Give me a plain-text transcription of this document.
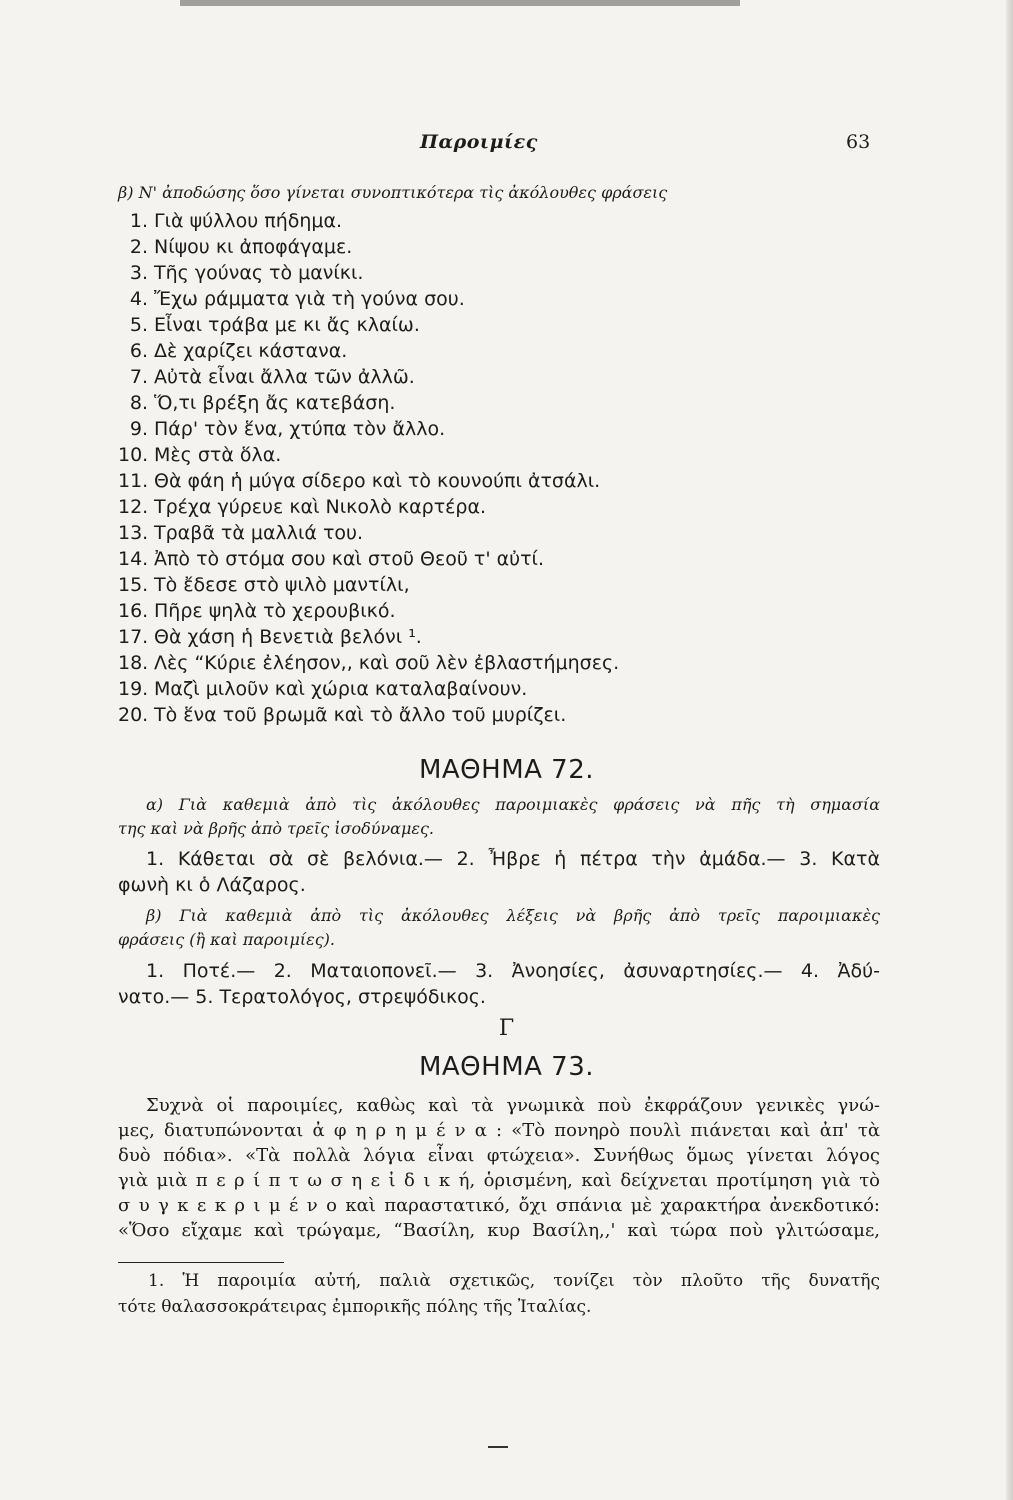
Παροιμίες	63
β) Ν' ἀποδώσης ὅσο γίνεται συνοπτικότερα τὶς ἀκόλουθες φράσεις
1. Γιὰ ψύλλου πήδημα.
2. Νίψου κι ἀποφάγαμε.
3. Τῆς γούνας τὸ μανίκι.
4. Ἔχω ράμματα γιὰ τὴ γούνα σου.
5. Εἶναι τράβα με κι ἄς κλαίω.
6. Δὲ χαρίζει κάστανα.
7. Αὐτὰ εἶναι ἄλλα τῶν ἀλλῶ.
8. Ὅ,τι βρέξη ἄς κατεβάση.
9. Πάρ' τὸν ἕνα, χτύπα τὸν ἄλλο.
10. Μὲς στὰ ὅλα.
11. Θὰ φάη ἡ μύγα σίδερο καὶ τὸ κουνούπι ἀτσάλι.
12. Τρέχα γύρευε καὶ Νικολὸ καρτέρα.
13. Τραβᾶ τὰ μαλλιά του.
14. Ἀπὸ τὸ στόμα σου καὶ στοῦ Θεοῦ τ' αὐτί.
15. Τὸ ἔδεσε στὸ ψιλὸ μαντίλι,
16. Πῆρε ψηλὰ τὸ χερουβικό.
17. Θὰ χάση ἡ Βενετιὰ βελόνι ¹.
18. Λὲς “Κύριε ἐλέησον,, καὶ σοῦ λὲν ἐβλαστήμησες.
19. Μαζὶ μιλοῦν καὶ χώρια καταλαβαίνουν.
20. Τὸ ἕνα τοῦ βρωμᾶ καὶ τὸ ἄλλο τοῦ μυρίζει.
ΜΑΘΗΜΑ 72.
α) Γιὰ καθεμιὰ ἀπὸ τὶς ἀκόλουθες παροιμιακὲς φράσεις νὰ πῆς τὴ σημασία
της καὶ νὰ βρῆς ἀπὸ τρεῖς ἰσοδύναμες.
1. Κάθεται σὰ σὲ βελόνια.— 2. Ἦβρε ἡ πέτρα τὴν ἀμάδα.— 3. Κατὰ
φωνὴ κι ὁ Λάζαρος.
β) Γιὰ καθεμιὰ ἀπὸ τὶς ἀκόλουθες λέξεις νὰ βρῆς ἀπὸ τρεῖς παροιμιακὲς
φράσεις (ἢ καὶ παροιμίες).
1. Ποτέ.— 2. Ματαιοπονεῖ.— 3. Ἀνοησίες, ἀσυναρτησίες.— 4. Ἀδύ-
νατο.— 5. Τερατολόγος, στρεψόδικος.
Γ
ΜΑΘΗΜΑ 73.
Συχνὰ οἱ παροιμίες, καθὼς καὶ τὰ γνωμικὰ ποὺ ἐκφράζουν γενικὲς γνώ-
μες, διατυπώνονται ἀ φ η ρ η μ έ ν α : «Τὸ πονηρὸ πουλὶ πιάνεται καὶ ἀπ' τὰ
δυὸ πόδια». «Τὰ πολλὰ λόγια εἶναι φτώχεια». Συνήθως ὅμως γίνεται λόγος
γιὰ μιὰ π ε ρ ί π τ ω σ η ε ἰ δ ι κ ή, ὁρισμένη, καὶ δείχνεται προτίμηση γιὰ τὸ
σ υ γ κ ε κ ρ ι μ έ ν ο καὶ παραστατικό, ὄχι σπάνια μὲ χαρακτήρα ἀνεκδοτικό:
«Ὅσο εἴχαμε καὶ τρώγαμε, “Βασίλη, κυρ Βασίλη,,' καὶ τώρα ποὺ γλιτώσαμε,
1. Ἡ παροιμία αὐτή, παλιὰ σχετικῶς, τονίζει τὸν πλοῦτο τῆς δυνατῆς
τότε θαλασσοκράτειρας ἐμπορικῆς πόλης τῆς Ἰταλίας.
